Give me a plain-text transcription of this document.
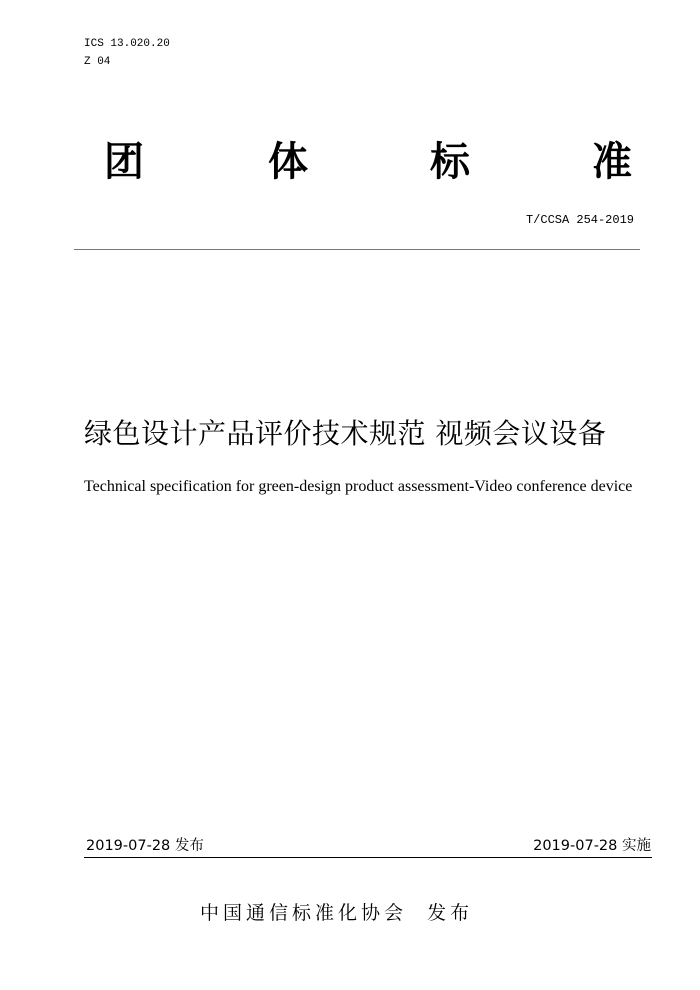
ICS 13.020.20
Z 04
团	体	标	准
T/CCSA 254-2019
绿色设计产品评价技术规范 视频会议设备
Technical specification for green-design product assessment-Video conference device
2019-07-28 发布	2019-07-28 实施
中国通信标准化协会  发布
